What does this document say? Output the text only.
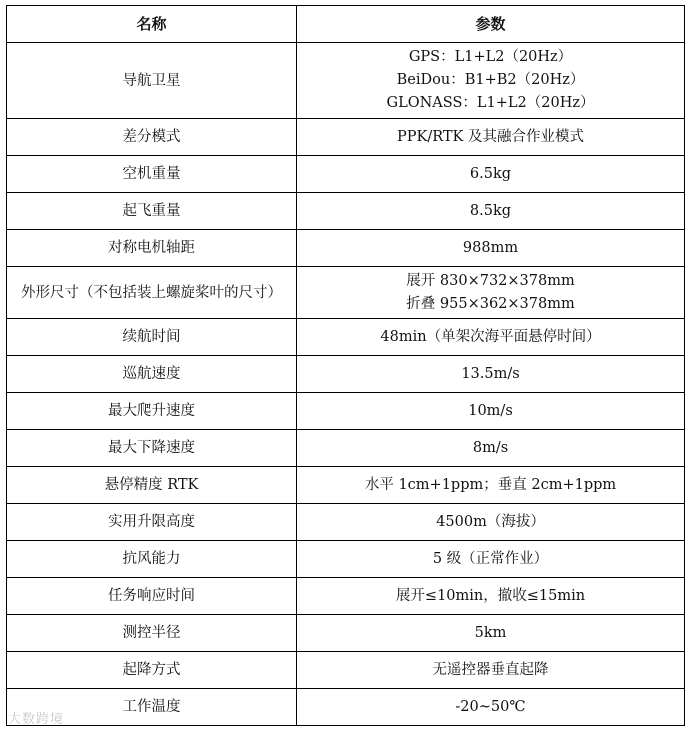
名称	参数
导航卫星	GPS：L1+L2（20Hz）
BeiDou：B1+B2（20Hz）
GLONASS：L1+L2（20Hz）

差分模式	PPK/RTK 及其融合作业模式

空机重量	6.5kg

起飞重量	8.5kg

对称电机轴距	988mm

外形尺寸（不包括装上螺旋桨叶的尺寸）	展开 830×732×378mm
折叠 955×362×378mm

续航时间	48min（单架次海平面悬停时间）

巡航速度	13.5m/s

最大爬升速度	10m/s

最大下降速度	8m/s

悬停精度 RTK	水平 1cm+1ppm；垂直 2cm+1ppm

实用升限高度	4500m（海拔）

抗风能力	5 级（正常作业）

任务响应时间	展开≤10min，撤收≤15min

测控半径	5km

起降方式	无遥控器垂直起降

工作温度	-20~50℃
大数跨境
